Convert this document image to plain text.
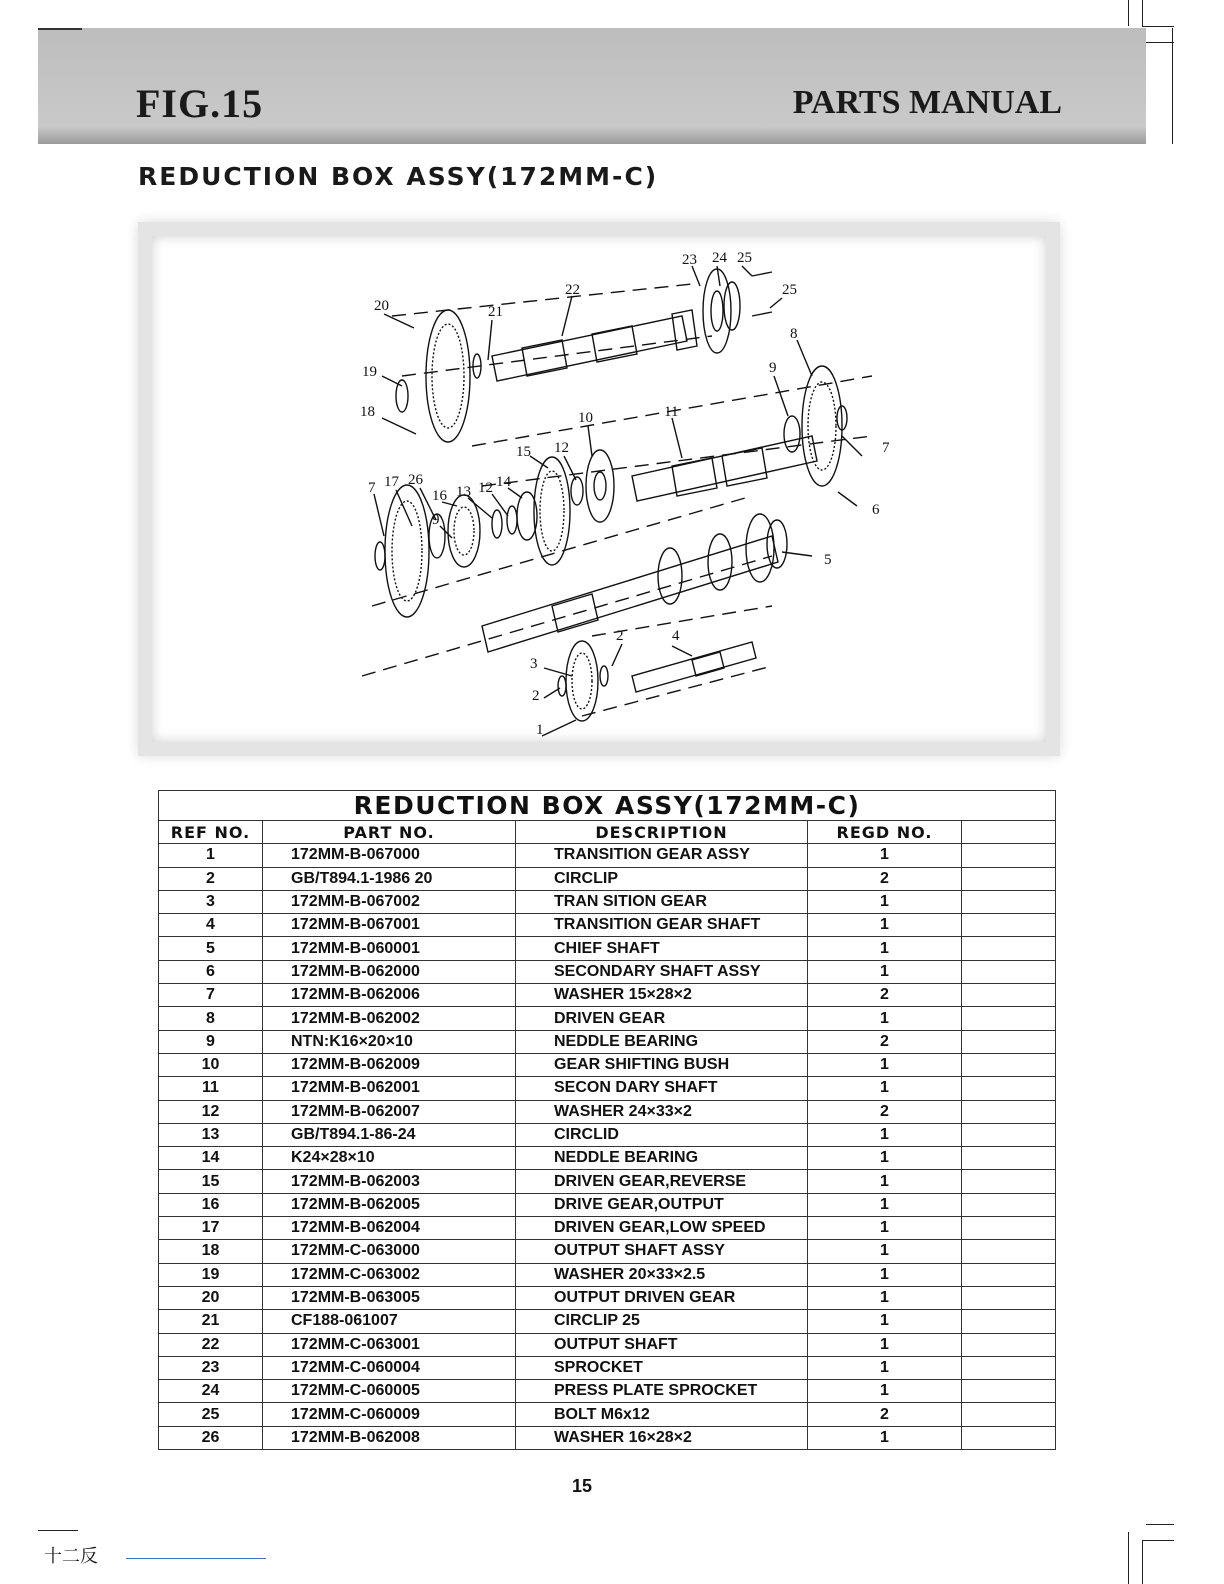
FIG.15	PARTS MANUAL
REDUCTION BOX ASSY(172MM-C)
20	21
22
23 24 25
25
8
19
18
9
10	11
7
15 12
7 17 26
16 13 12 14
9
6
5
4
2
3
2
1
REDUCTION BOX ASSY(172MM-C)				
REF NO.	PART NO.	DESCRIPTION	REGD NO.	
1	172MM-B-067000	TRANSITION GEAR ASSY	1	
2	GB/T894.1-1986 20	CIRCLIP	2	
3	172MM-B-067002	TRAN SITION GEAR	1	
4	172MM-B-067001	TRANSITION GEAR SHAFT	1	
5	172MM-B-060001	CHIEF SHAFT	1	
6	172MM-B-062000	SECONDARY SHAFT ASSY	1	
7	172MM-B-062006	WASHER 15×28×2	2	
8	172MM-B-062002	DRIVEN GEAR	1	
9	NTN:K16×20×10	NEDDLE BEARING	2	
10	172MM-B-062009	GEAR SHIFTING BUSH	1	
11	172MM-B-062001	SECON DARY SHAFT	1	
12	172MM-B-062007	WASHER 24×33×2	2	
13	GB/T894.1-86-24	CIRCLID	1	
14	K24×28×10	NEDDLE BEARING	1	
15	172MM-B-062003	DRIVEN GEAR,REVERSE	1	
16	172MM-B-062005	DRIVE GEAR,OUTPUT	1	
17	172MM-B-062004	DRIVEN GEAR,LOW SPEED	1	
18	172MM-C-063000	OUTPUT SHAFT ASSY	1	
19	172MM-C-063002	WASHER 20×33×2.5	1	
20	172MM-B-063005	OUTPUT DRIVEN GEAR	1	
21	CF188-061007	CIRCLIP 25	1	
22	172MM-C-063001	OUTPUT SHAFT	1	
23	172MM-C-060004	SPROCKET	1	
24	172MM-C-060005	PRESS PLATE SPROCKET	1	
25	172MM-C-060009	BOLT M6x12	2	
26	172MM-B-062008	WASHER 16×28×2	1	
15
十二反
